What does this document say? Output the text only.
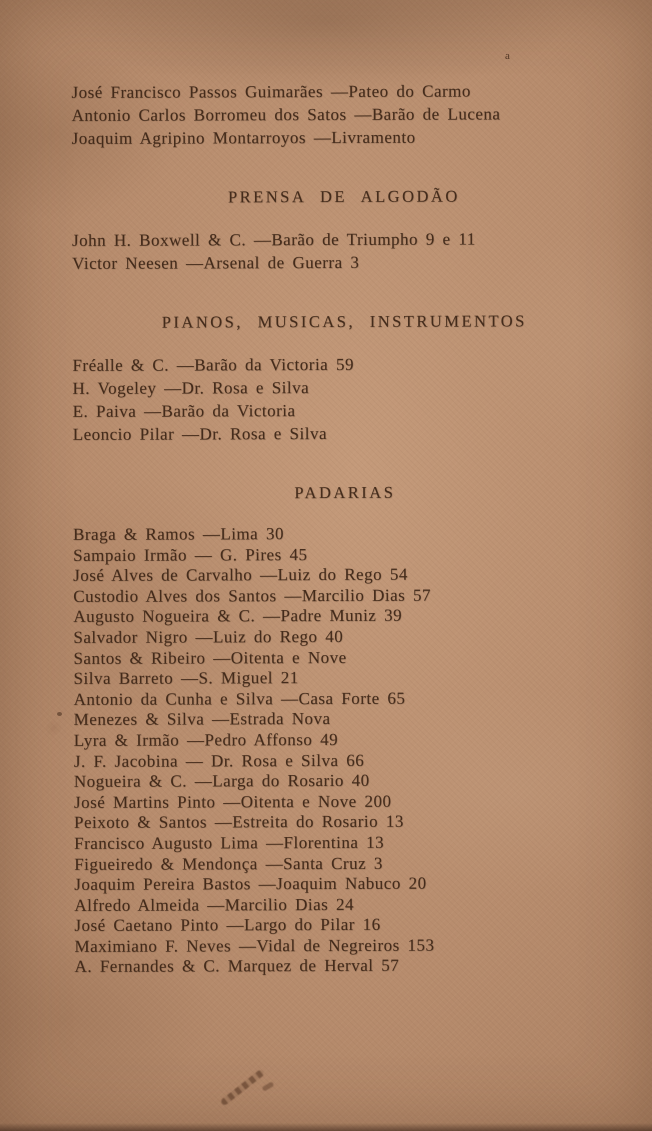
a
José Francisco Passos Guimarães —Pateo do Carmo
Antonio Carlos Borromeu dos Satos —Barão de Lucena
Joaquim Agripino Montarroyos —Livramento
PRENSA DE ALGODÃO
John H. Boxwell & C. —Barão de Triumpho 9 e 11
Victor Neesen —Arsenal de Guerra 3
PIANOS, MUSICAS, INSTRUMENTOS
Fréalle & C. —Barão da Victoria 59
H. Vogeley —Dr. Rosa e Silva
E. Paiva —Barão da Victoria
Leoncio Pilar —Dr. Rosa e Silva
PADARIAS
Braga & Ramos —Lima 30
Sampaio Irmão — G. Pires 45
José Alves de Carvalho —Luiz do Rego 54
Custodio Alves dos Santos —Marcilio Dias 57
Augusto Nogueira & C. —Padre Muniz 39
Salvador Nigro —Luiz do Rego 40
Santos & Ribeiro —Oitenta e Nove
Silva Barreto —S. Miguel 21
Antonio da Cunha e Silva —Casa Forte 65
Menezes & Silva —Estrada Nova
Lyra & Irmão —Pedro Affonso 49
J. F. Jacobina — Dr. Rosa e Silva 66
Nogueira & C. —Larga do Rosario 40
José Martins Pinto —Oitenta e Nove 200
Peixoto & Santos —Estreita do Rosario 13
Francisco Augusto Lima —Florentina 13
Figueiredo & Mendonça —Santa Cruz 3
Joaquim Pereira Bastos —Joaquim Nabuco 20
Alfredo Almeida —Marcilio Dias 24
José Caetano Pinto —Largo do Pilar 16
Maximiano F. Neves —Vidal de Negreiros 153
A. Fernandes & C. Marquez de Herval 57
